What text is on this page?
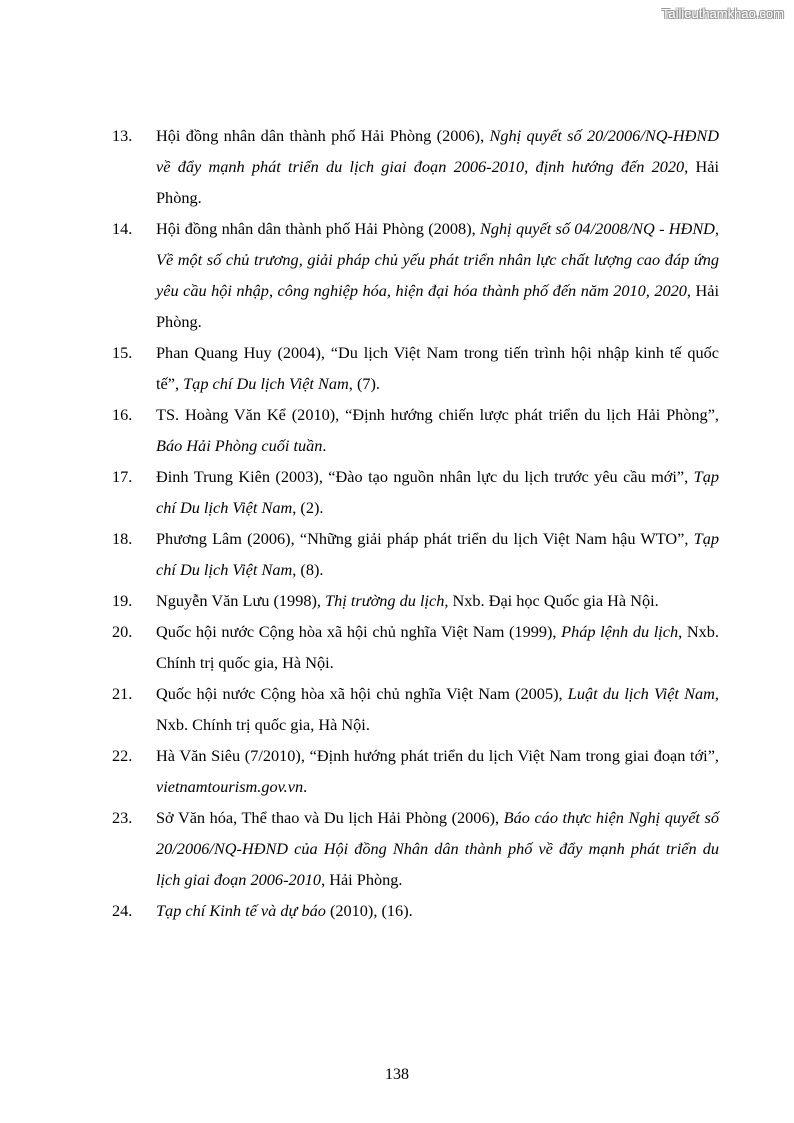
Tailieuthamkhao.com
13.	Hội đồng nhân dân thành phố Hải Phòng (2006), Nghị quyết số 20/2006/NQ-HĐND về đẩy mạnh phát triển du lịch giai đoạn 2006-2010, định hướng đến 2020, Hải Phòng.
14.	Hội đồng nhân dân thành phố Hải Phòng (2008), Nghị quyết số 04/2008/NQ - HĐND, Về một số chủ trương, giải pháp chủ yếu phát triển nhân lực chất lượng cao đáp ứng yêu cầu hội nhập, công nghiệp hóa, hiện đại hóa thành phố đến năm 2010, 2020, Hải Phòng.
15.	Phan Quang Huy (2004), “Du lịch Việt Nam trong tiến trình hội nhập kinh tế quốc tế”, Tạp chí Du lịch Việt Nam, (7).
16.	TS. Hoàng Văn Kể (2010), “Định hướng chiến lược phát triển du lịch Hải Phòng”, Báo Hải Phòng cuối tuần.
17.	Đinh Trung Kiên (2003), “Đào tạo nguồn nhân lực du lịch trước yêu cầu mới”, Tạp chí Du lịch Việt Nam, (2).
18.	Phương Lâm (2006), “Những giải pháp phát triển du lịch Việt Nam hậu WTO”, Tạp chí Du lịch Việt Nam, (8).
19.	Nguyễn Văn Lưu (1998), Thị trường du lịch, Nxb. Đại học Quốc gia Hà Nội.
20.	Quốc hội nước Cộng hòa xã hội chủ nghĩa Việt Nam (1999), Pháp lệnh du lịch, Nxb. Chính trị quốc gia, Hà Nội.
21.	Quốc hội nước Cộng hòa xã hội chủ nghĩa Việt Nam (2005), Luật du lịch Việt Nam, Nxb. Chính trị quốc gia, Hà Nội.
22.	Hà Văn Siêu (7/2010), “Định hướng phát triển du lịch Việt Nam trong giai đoạn tới”, vietnamtourism.gov.vn.
23.	Sở Văn hóa, Thể thao và Du lịch Hải Phòng (2006), Báo cáo thực hiện Nghị quyết số 20/2006/NQ-HĐND của Hội đồng Nhân dân thành phố về đẩy mạnh phát triển du lịch giai đoạn 2006-2010, Hải Phòng.
24.	Tạp chí Kinh tế và dự báo (2010), (16).
138
